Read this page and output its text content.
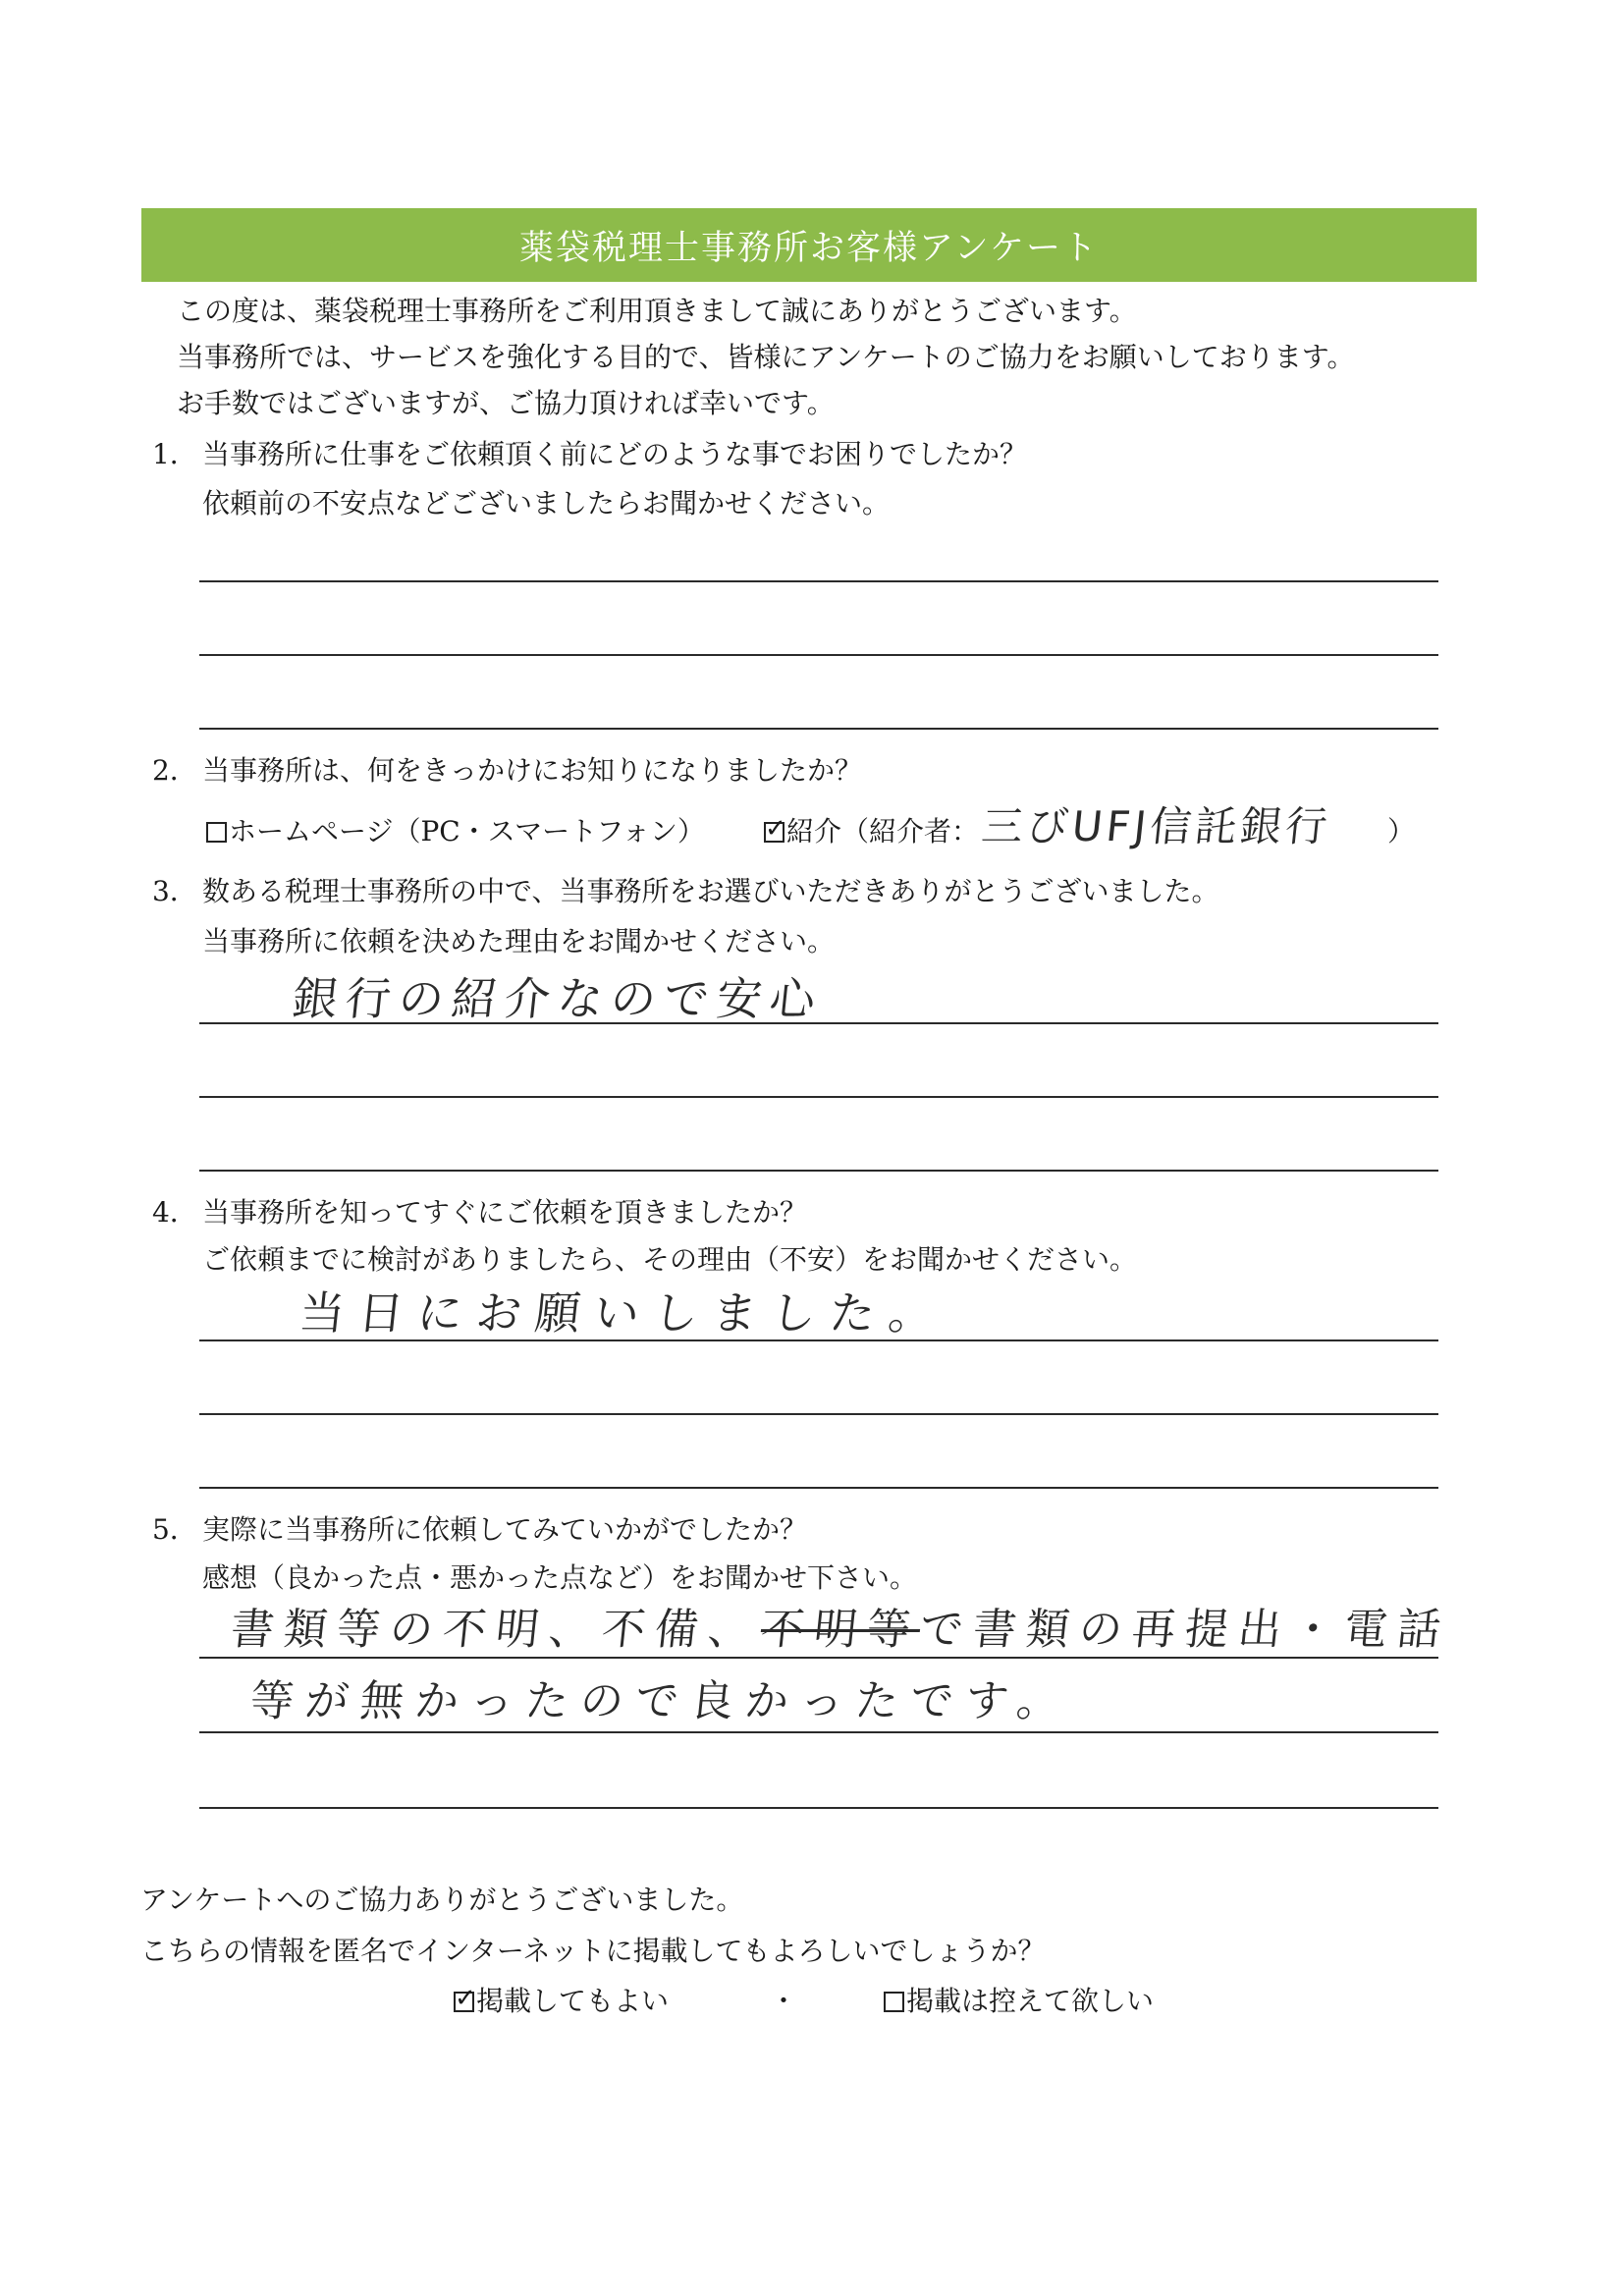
薬袋税理士事務所お客様アンケート
この度は、薬袋税理士事務所をご利用頂きまして誠にありがとうございます。
当事務所では、サービスを強化する目的で、皆様にアンケートのご協力をお願いしております。
お手数ではございますが、ご協力頂ければ幸いです。
1． 当事務所に仕事をご依頼頂く前にどのような事でお困りでしたか？
依頼前の不安点などございましたらお聞かせください。
2． 当事務所は、何をきっかけにお知りになりましたか？
ホームページ（PC・スマートフォン） ✓ 紹介（紹介者： 三びUFJ信託銀行 ）
3． 数ある税理士事務所の中で、当事務所をお選びいただきありがとうございました。
当事務所に依頼を決めた理由をお聞かせください。
銀行の紹介なので安心
4． 当事務所を知ってすぐにご依頼を頂きましたか？
ご依頼までに検討がありましたら、その理由（不安）をお聞かせください。
当日にお願いしました。
5． 実際に当事務所に依頼してみていかがでしたか？
感想（良かった点・悪かった点など）をお聞かせ下さい。
書類等の不明、不備、不明等で書類の再提出・電話
等が無かったので良かったです。
アンケートへのご協力ありがとうございました。
こちらの情報を匿名でインターネットに掲載してもよろしいでしょうか？
✓ 掲載してもよい	・	掲載は控えて欲しい
